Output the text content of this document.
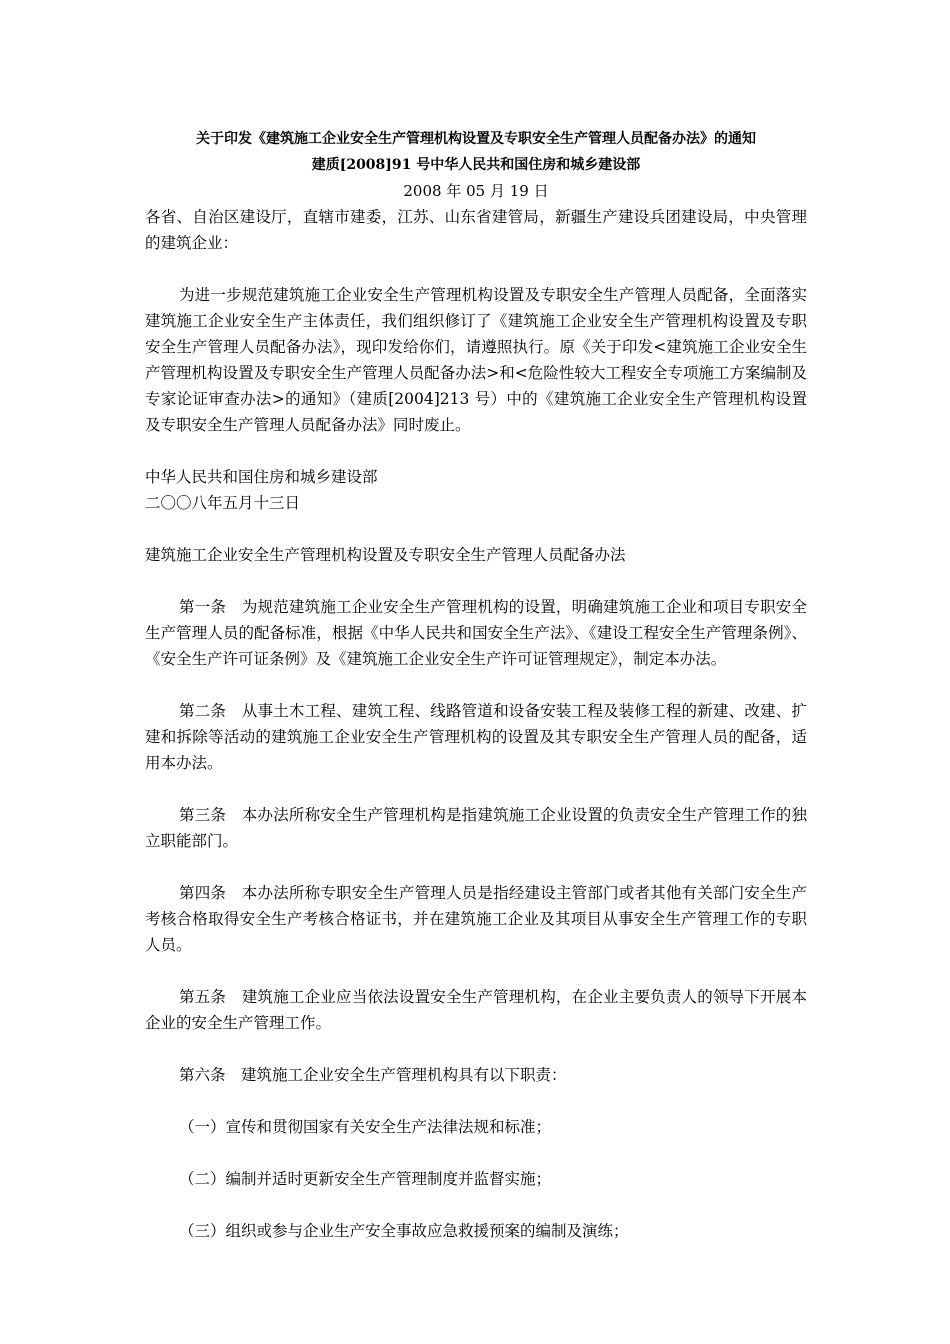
关于印发《建筑施工企业安全生产管理机构设置及专职安全生产管理人员配备办法》的通知

建质[2008]91 号中华人民共和国住房和城乡建设部

2008 年 05 月 19 日

各省、自治区建设厅，直辖市建委，江苏、山东省建管局，新疆生产建设兵团建设局，中央管理的建筑企业：

为进一步规范建筑施工企业安全生产管理机构设置及专职安全生产管理人员配备，全面落实建筑施工企业安全生产主体责任，我们组织修订了《建筑施工企业安全生产管理机构设置及专职安全生产管理人员配备办法》，现印发给你们，请遵照执行。原《关于印发<建筑施工企业安全生产管理机构设置及专职安全生产管理人员配备办法>和<危险性较大工程安全专项施工方案编制及专家论证审查办法>的通知》（建质[2004]213 号）中的《建筑施工企业安全生产管理机构设置及专职安全生产管理人员配备办法》同时废止。

中华人民共和国住房和城乡建设部

二〇〇八年五月十三日

建筑施工企业安全生产管理机构设置及专职安全生产管理人员配备办法

第一条　为规范建筑施工企业安全生产管理机构的设置，明确建筑施工企业和项目专职安全生产管理人员的配备标准，根据《中华人民共和国安全生产法》、《建设工程安全生产管理条例》、《安全生产许可证条例》及《建筑施工企业安全生产许可证管理规定》，制定本办法。

第二条　从事土木工程、建筑工程、线路管道和设备安装工程及装修工程的新建、改建、扩建和拆除等活动的建筑施工企业安全生产管理机构的设置及其专职安全生产管理人员的配备，适用本办法。

第三条　本办法所称安全生产管理机构是指建筑施工企业设置的负责安全生产管理工作的独立职能部门。

第四条　本办法所称专职安全生产管理人员是指经建设主管部门或者其他有关部门安全生产考核合格取得安全生产考核合格证书，并在建筑施工企业及其项目从事安全生产管理工作的专职人员。

第五条　建筑施工企业应当依法设置安全生产管理机构，在企业主要负责人的领导下开展本企业的安全生产管理工作。

第六条　建筑施工企业安全生产管理机构具有以下职责：

（一）宣传和贯彻国家有关安全生产法律法规和标准；

（二）编制并适时更新安全生产管理制度并监督实施；

（三）组织或参与企业生产安全事故应急救援预案的编制及演练；
